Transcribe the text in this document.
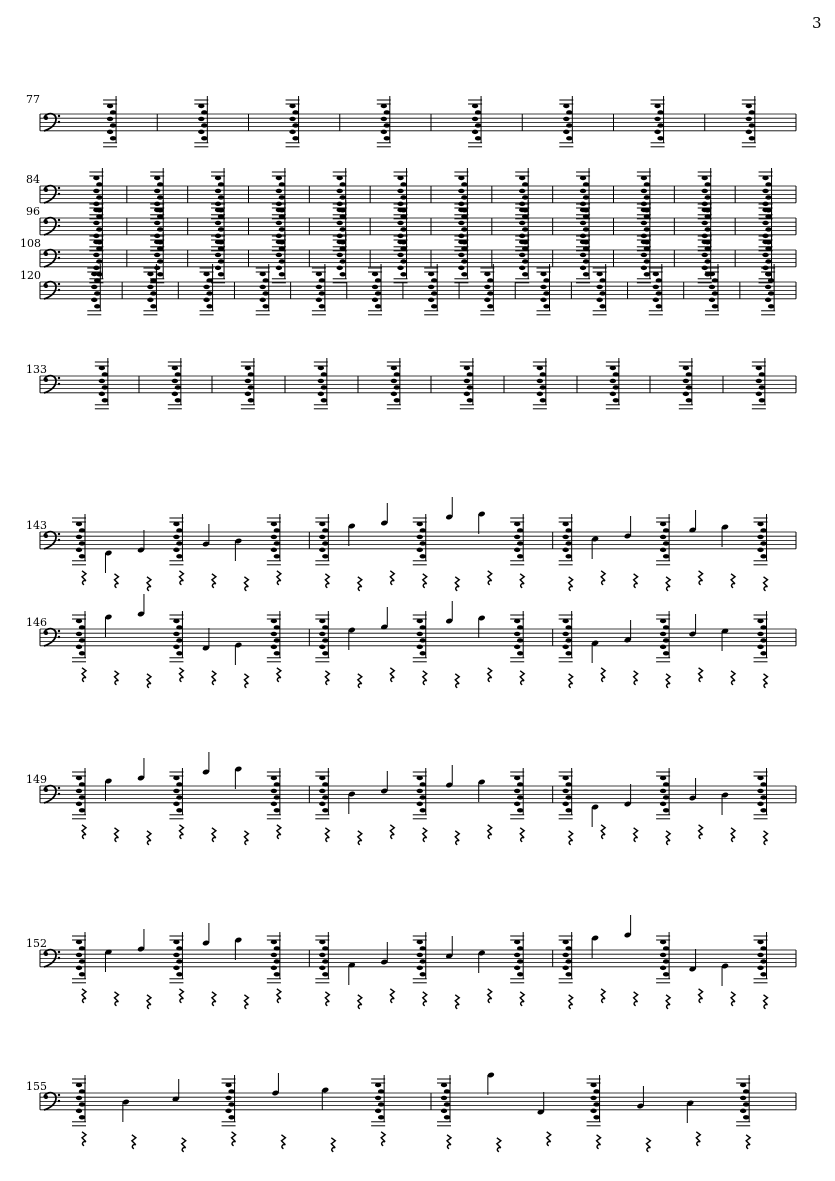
3
77
84
96
108
120
133
143
146
149
152
155
